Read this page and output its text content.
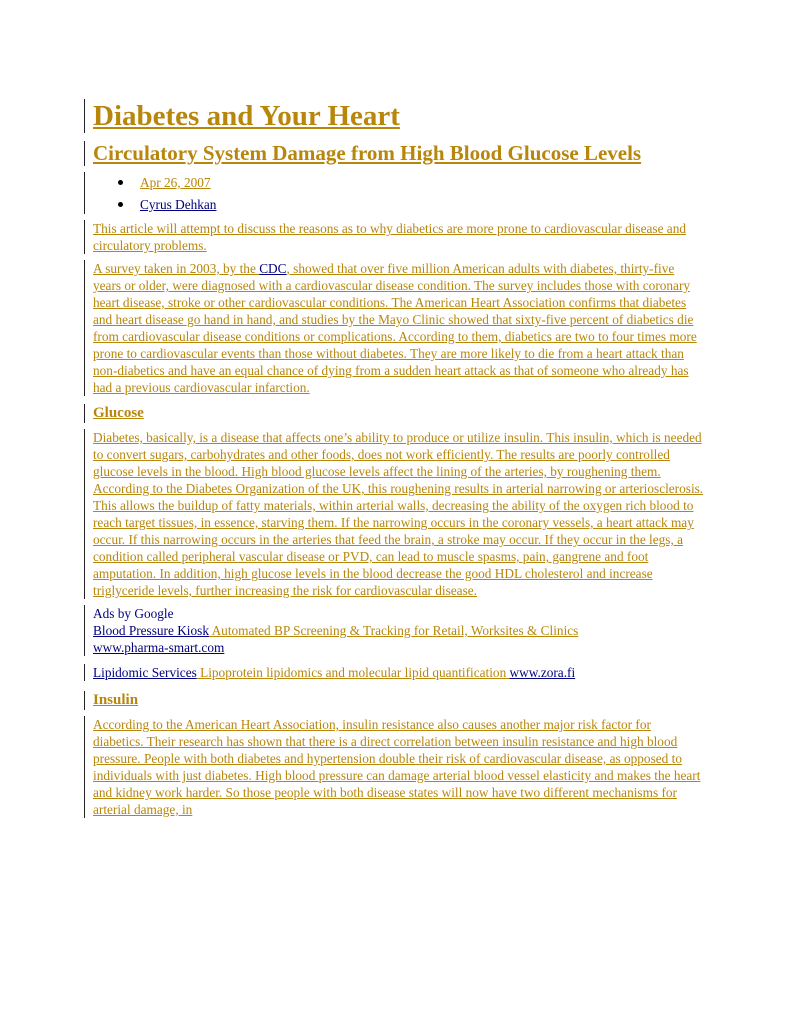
Diabetes and Your Heart
Circulatory System Damage from High Blood Glucose Levels
Apr 26, 2007
Cyrus Dehkan

This article will attempt to discuss the reasons as to why diabetics are more prone to cardiovascular disease and circulatory problems.

A survey taken in 2003, by the CDC, showed that over five million American adults with diabetes, thirty-five years or older, were diagnosed with a cardiovascular disease condition. The survey includes those with coronary heart disease, stroke or other cardiovascular conditions. The American Heart Association confirms that diabetes and heart disease go hand in hand, and studies by the Mayo Clinic showed that sixty-five percent of diabetics die from cardiovascular disease conditions or complications. According to them, diabetics are two to four times more prone to cardiovascular events than those without diabetes. They are more likely to die from a heart attack than non-diabetics and have an equal chance of dying from a sudden heart attack as that of someone who already has had a previous cardiovascular infarction.

Glucose

Diabetes, basically, is a disease that affects one’s ability to produce or utilize insulin. This insulin, which is needed to convert sugars, carbohydrates and other foods, does not work efficiently. The results are poorly controlled glucose levels in the blood. High blood glucose levels affect the lining of the arteries, by roughening them. According to the Diabetes Organization of the UK, this roughening results in arterial narrowing or arteriosclerosis. This allows the buildup of fatty materials, within arterial walls, decreasing the ability of the oxygen rich blood to reach target tissues, in essence, starving them. If the narrowing occurs in the coronary vessels, a heart attack may occur. If this narrowing occurs in the arteries that feed the brain, a stroke may occur. If they occur in the legs, a condition called peripheral vascular disease or PVD, can lead to muscle spasms, pain, gangrene and foot amputation. In addition, high glucose levels in the blood decrease the good HDL cholesterol and increase triglyceride levels, further increasing the risk for cardiovascular disease.

Ads by Google

Blood Pressure Kiosk Automated BP Screening & Tracking for Retail, Worksites & Clinics

www.pharma-smart.com

Lipidomic Services Lipoprotein lipidomics and molecular lipid quantification www.zora.fi

Insulin

According to the American Heart Association, insulin resistance also causes another major risk factor for diabetics. Their research has shown that there is a direct correlation between insulin resistance and high blood pressure. People with both diabetes and hypertension double their risk of cardiovascular disease, as opposed to individuals with just diabetes. High blood pressure can damage arterial blood vessel elasticity and makes the heart and kidney work harder. So those people with both disease states will now have two different mechanisms for arterial damage, in
